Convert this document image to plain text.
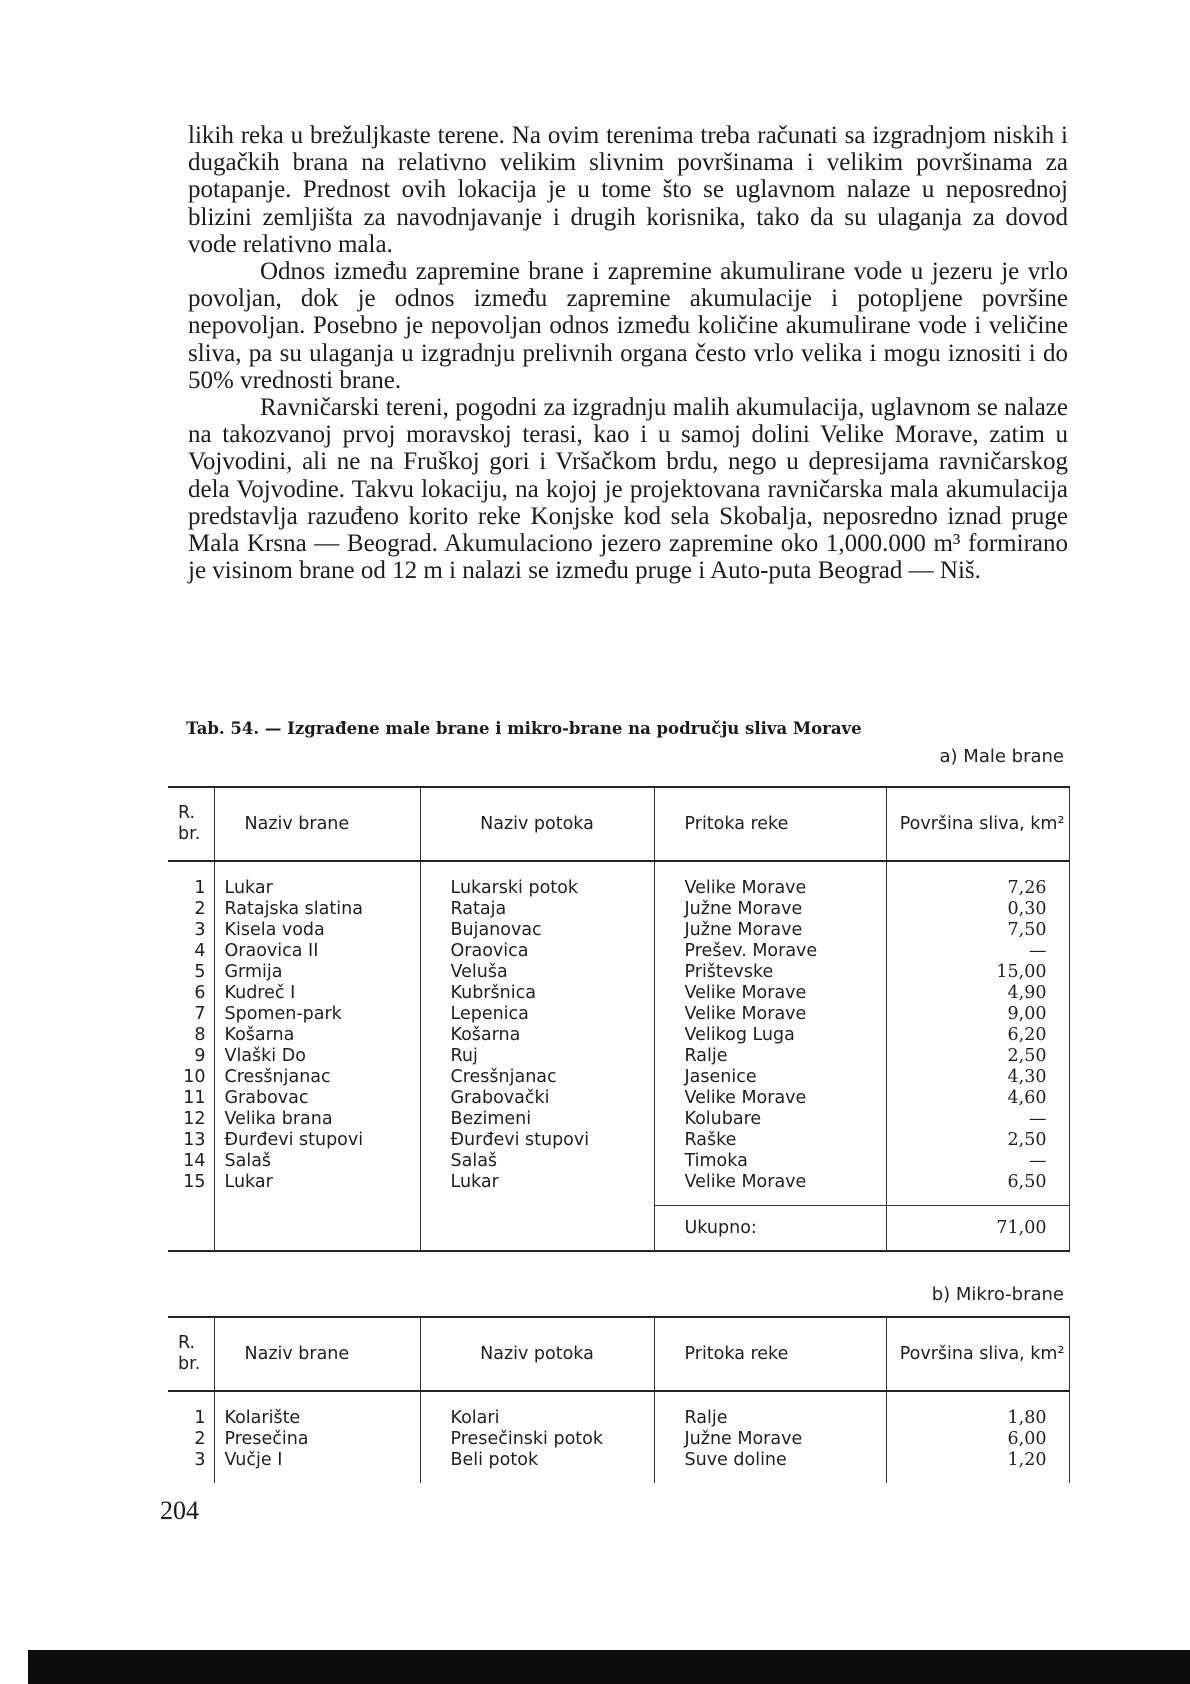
likih reka u brežuljkaste terene. Na ovim terenima treba računati sa izgradnjom niskih i dugačkih brana na relativno velikim slivnim površinama i velikim površinama za potapanje. Prednost ovih lokacija je u tome što se uglavnom nalaze u neposrednoj blizini zemljišta za navodnjavanje i drugih korisnika, tako da su ulaganja za dovod vode relativno mala.

Odnos između zapremine brane i zapremine akumulirane vode u jezeru je vrlo povoljan, dok je odnos između zapremine akumulacije i potopljene površine nepovoljan. Posebno je nepovoljan odnos između količine akumulirane vode i veličine sliva, pa su ulaganja u izgradnju prelivnih organa često vrlo velika i mogu iznositi i do 50% vrednosti brane.

Ravničarski tereni, pogodni za izgradnju malih akumulacija, uglavnom se nalaze na takozvanoj prvoj moravskoj terasi, kao i u samoj dolini Velike Morave, zatim u Vojvodini, ali ne na Fruškoj gori i Vršačkom brdu, nego u depresijama ravničarskog dela Vojvodine. Takvu lokaciju, na kojoj je projektovana ravničarska mala akumulacija predstavlja razuđeno korito reke Konjske kod sela Skobalja, neposredno iznad pruge Mala Krsna — Beograd. Akumulaciono jezero zapremine oko 1,000.000 m³ formirano je visinom brane od 12 m i nalazi se između pruge i Auto-puta Beograd — Niš.

Tab. 54. — Izgrađene male brane i mikro-brane na području sliva Morave
a) Male brane
R. br.	Naziv brane	Naziv potoka	Pritoka reke	Površina sliva, km²
1	Lukar	Lukarski potok	Velike Morave	7,26
2	Ratajska slatina	Rataja	Južne Morave	0,30
3	Kisela voda	Bujanovac	Južne Morave	7,50
4	Oraovica II	Oraovica	Prešev. Morave	—
5	Grmija	Veluša	Prištevske	15,00
6	Kudreč I	Kubršnica	Velike Morave	4,90
7	Spomen-park	Lepenica	Velike Morave	9,00
8	Košarna	Košarna	Velikog Luga	6,20
9	Vlaški Do	Ruj	Ralje	2,50
10	Cresšnjanac	Cresšnjanac	Jasenice	4,30
11	Grabovac	Grabovački	Velike Morave	4,60
12	Velika brana	Bezimeni	Kolubare	—
13	Đurđevi stupovi	Đurđevi stupovi	Raške	2,50
14	Salaš	Salaš	Timoka	—
15	Lukar	Lukar	Velike Morave	6,50

			Ukupno:	71,00
b) Mikro-brane
R. br.	Naziv brane	Naziv potoka	Pritoka reke	Površina sliva, km²
1	Kolarište	Kolari	Ralje	1,80
2	Presečina	Presečinski potok	Južne Morave	6,00
3	Vučje I	Beli potok	Suve doline	1,20

204
